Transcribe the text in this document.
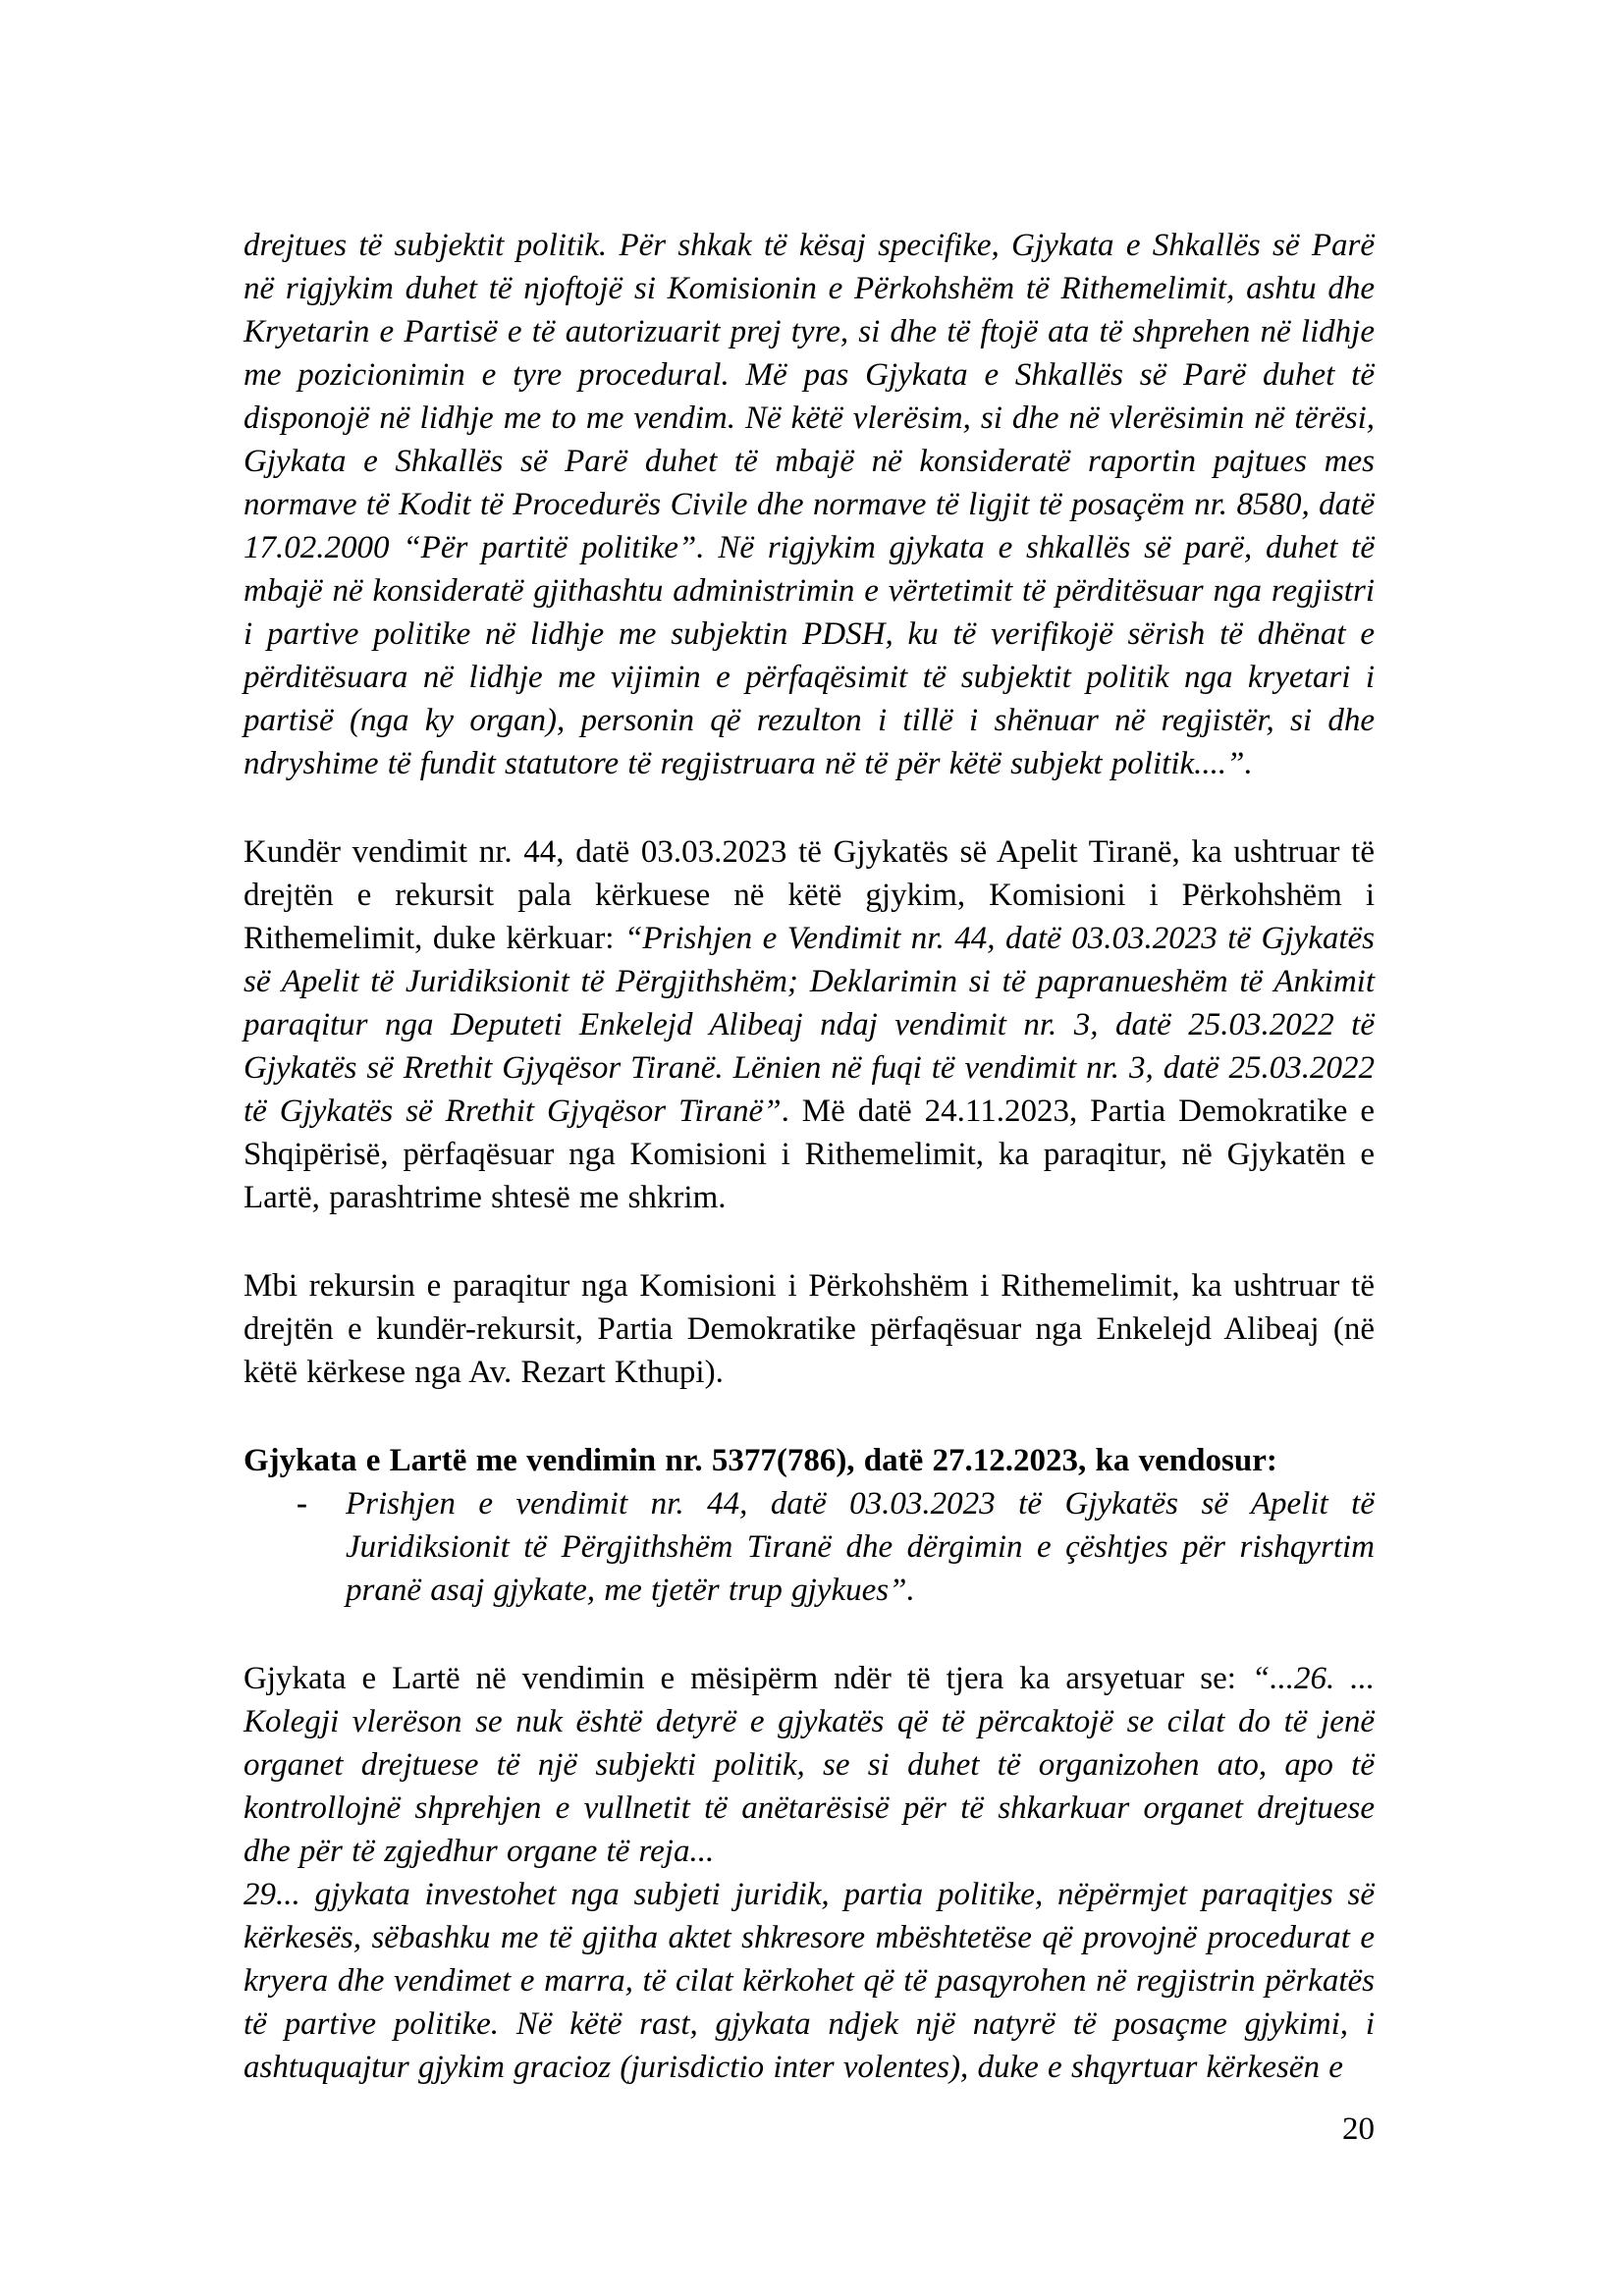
drejtues të subjektit politik. Për shkak të kësaj specifike, Gjykata e Shkallës së Parë në rigjykim duhet të njoftojë si Komisionin e Përkohshëm të Rithemelimit, ashtu dhe Kryetarin e Partisë e të autorizuarit prej tyre, si dhe të ftojë ata të shprehen në lidhje me pozicionimin e tyre procedural. Më pas Gjykata e Shkallës së Parë duhet të disponojë në lidhje me to me vendim. Në këtë vlerësim, si dhe në vlerësimin në tërësi, Gjykata e Shkallës së Parë duhet të mbajë në konsideratë raportin pajtues mes normave të Kodit të Procedurës Civile dhe normave të ligjit të posaçëm nr. 8580, datë 17.02.2000 “Për partitë politike”. Në rigjykim gjykata e shkallës së parë, duhet të mbajë në konsideratë gjithashtu administrimin e vërtetimit të përditësuar nga regjistri i partive politike në lidhje me subjektin PDSH, ku të verifikojë sërish të dhënat e përditësuara në lidhje me vijimin e përfaqësimit të subjektit politik nga kryetari i partisë (nga ky organ), personin që rezulton i tillë i shënuar në regjistër, si dhe ndryshime të fundit statutore të regjistruara në të për këtë subjekt politik....”.
Kundër vendimit nr. 44, datë 03.03.2023 të Gjykatës së Apelit Tiranë, ka ushtruar të drejtën e rekursit pala kërkuese në këtë gjykim, Komisioni i Përkohshëm i Rithemelimit, duke kërkuar: “Prishjen e Vendimit nr. 44, datë 03.03.2023 të Gjykatës së Apelit të Juridiksionit të Përgjithshëm; Deklarimin si të papranueshëm të Ankimit paraqitur nga Deputeti Enkelejd Alibeaj ndaj vendimit nr. 3, datë 25.03.2022 të Gjykatës së Rrethit Gjyqësor Tiranë. Lënien në fuqi të vendimit nr. 3, datë 25.03.2022 të Gjykatës së Rrethit Gjyqësor Tiranë”. Më datë 24.11.2023, Partia Demokratike e Shqipërisë, përfaqësuar nga Komisioni i Rithemelimit, ka paraqitur, në Gjykatën e Lartë, parashtrime shtesë me shkrim.
Mbi rekursin e paraqitur nga Komisioni i Përkohshëm i Rithemelimit, ka ushtruar të drejtën e kundër-rekursit, Partia Demokratike përfaqësuar nga Enkelejd Alibeaj (në këtë kërkese nga Av. Rezart Kthupi).
Gjykata e Lartë me vendimin nr. 5377(786), datë 27.12.2023, ka vendosur:
- Prishjen e vendimit nr. 44, datë 03.03.2023 të Gjykatës së Apelit të Juridiksionit të Përgjithshëm Tiranë dhe dërgimin e çështjes për rishqyrtim pranë asaj gjykate, me tjetër trup gjykues”.
Gjykata e Lartë në vendimin e mësipërm ndër të tjera ka arsyetuar se: “...26. ... Kolegji vlerëson se nuk është detyrë e gjykatës që të përcaktojë se cilat do të jenë organet drejtuese të një subjekti politik, se si duhet të organizohen ato, apo të kontrollojnë shprehjen e vullnetit të anëtarësisë për të shkarkuar organet drejtuese dhe për të zgjedhur organe të reja...
29... gjykata investohet nga subjeti juridik, partia politike, nëpërmjet paraqitjes së kërkesës, sëbashku me të gjitha aktet shkresore mbështetëse që provojnë procedurat e kryera dhe vendimet e marra, të cilat kërkohet që të pasqyrohen në regjistrin përkatës të partive politike. Në këtë rast, gjykata ndjek një natyrë të posaçme gjykimi, i ashtuquajtur gjykim gracioz (jurisdictio inter volentes), duke e shqyrtuar kërkesën e
20
